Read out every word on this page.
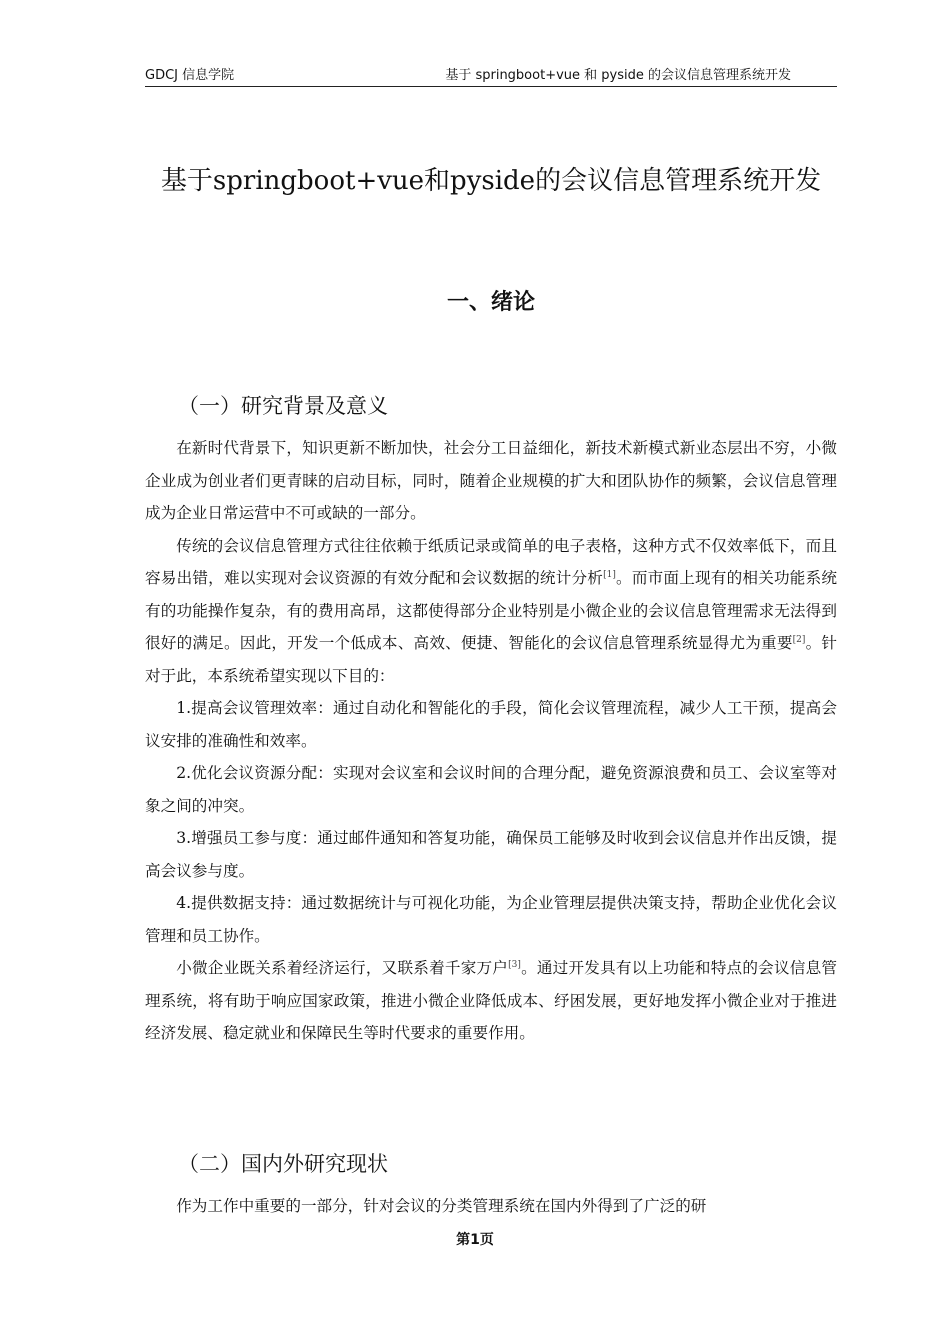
GDCJ 信息学院	基于 springboot+vue 和 pyside 的会议信息管理系统开发
基于springboot+vue和pyside的会议信息管理系统开发
一、绪论
（一）研究背景及意义

在新时代背景下，知识更新不断加快，社会分工日益细化，新技术新模式新业态层出不穷，小微企业成为创业者们更青睐的启动目标，同时，随着企业规模的扩大和团队协作的频繁，会议信息管理成为企业日常运营中不可或缺的一部分。

传统的会议信息管理方式往往依赖于纸质记录或简单的电子表格，这种方式不仅效率低下，而且容易出错，难以实现对会议资源的有效分配和会议数据的统计分析[1]。而市面上现有的相关功能系统有的功能操作复杂，有的费用高昂，这都使得部分企业特别是小微企业的会议信息管理需求无法得到很好的满足。因此，开发一个低成本、高效、便捷、智能化的会议信息管理系统显得尤为重要[2]。针对于此，本系统希望实现以下目的：

1.提高会议管理效率：通过自动化和智能化的手段，简化会议管理流程，减少人工干预，提高会议安排的准确性和效率。

2.优化会议资源分配：实现对会议室和会议时间的合理分配，避免资源浪费和员工、会议室等对象之间的冲突。

3.增强员工参与度：通过邮件通知和答复功能，确保员工能够及时收到会议信息并作出反馈，提高会议参与度。

4.提供数据支持：通过数据统计与可视化功能，为企业管理层提供决策支持，帮助企业优化会议管理和员工协作。

小微企业既关系着经济运行，又联系着千家万户[3]。通过开发具有以上功能和特点的会议信息管理系统，将有助于响应国家政策，推进小微企业降低成本、纾困发展，更好地发挥小微企业对于推进经济发展、稳定就业和保障民生等时代要求的重要作用。

（二）国内外研究现状

作为工作中重要的一部分，针对会议的分类管理系统在国内外得到了广泛的研

第1页
